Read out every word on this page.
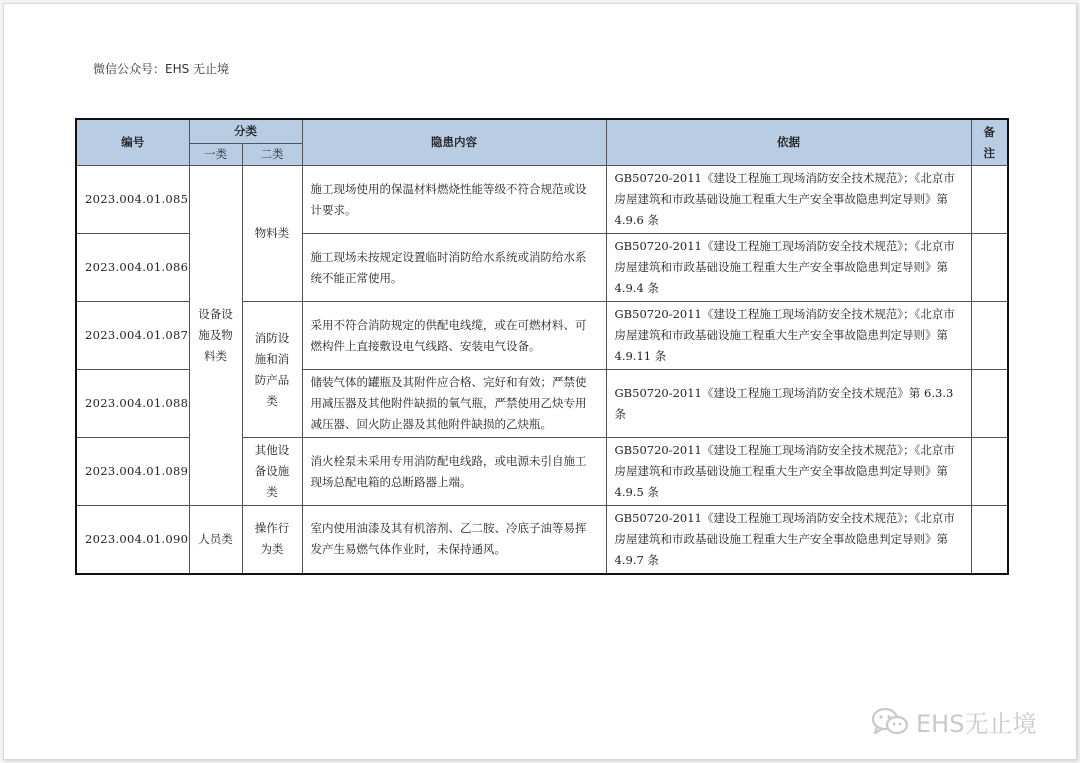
微信公众号：EHS 无止境
编号	分类		隐患内容	依据	备注
	一类	二类			
2023.004.01.085	设备设施及物料类	物料类	施工现场使用的保温材料燃烧性能等级不符合规范或设计要求。	GB50720-2011《建设工程施工现场消防安全技术规范》；《北京市房屋建筑和市政基础设施工程重大生产安全事故隐患判定导则》第 4.9.6 条	
2023.004.01.086			施工现场未按规定设置临时消防给水系统或消防给水系统不能正常使用。	GB50720-2011《建设工程施工现场消防安全技术规范》；《北京市房屋建筑和市政基础设施工程重大生产安全事故隐患判定导则》第 4.9.4 条	
2023.004.01.087		消防设施和消防产品类	采用不符合消防规定的供配电线缆，或在可燃材料、可燃构件上直接敷设电气线路、安装电气设备。	GB50720-2011《建设工程施工现场消防安全技术规范》；《北京市房屋建筑和市政基础设施工程重大生产安全事故隐患判定导则》第 4.9.11 条	
2023.004.01.088			储装气体的罐瓶及其附件应合格、完好和有效；严禁使用减压器及其他附件缺损的氧气瓶，严禁使用乙炔专用减压器、回火防止器及其他附件缺损的乙炔瓶。	GB50720-2011《建设工程施工现场消防安全技术规范》第 6.3.3 条	
2023.004.01.089		其他设备设施类	消火栓泵未采用专用消防配电线路，或电源未引自施工现场总配电箱的总断路器上端。	GB50720-2011《建设工程施工现场消防安全技术规范》；《北京市房屋建筑和市政基础设施工程重大生产安全事故隐患判定导则》第 4.9.5 条	
2023.004.01.090	人员类	操作行为类	室内使用油漆及其有机溶剂、乙二胺、冷底子油等易挥发产生易燃气体作业时，未保持通风。	GB50720-2011《建设工程施工现场消防安全技术规范》；《北京市房屋建筑和市政基础设施工程重大生产安全事故隐患判定导则》第 4.9.7 条	
EHS无止境
